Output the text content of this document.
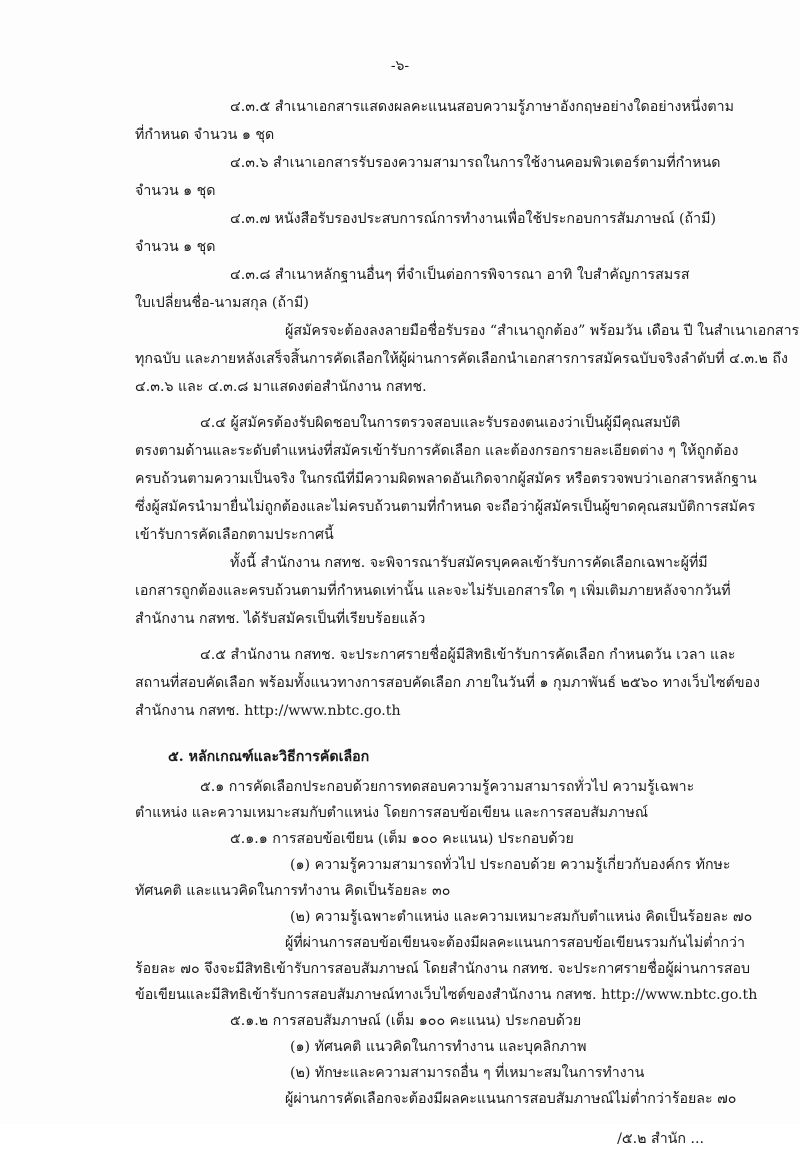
-๖-
๔.๓.๕ สำเนาเอกสารแสดงผลคะแนนสอบความรู้ภาษาอังกฤษอย่างใดอย่างหนึ่งตาม
ที่กำหนด จำนวน ๑ ชุด
๔.๓.๖ สำเนาเอกสารรับรองความสามารถในการใช้งานคอมพิวเตอร์ตามที่กำหนด
จำนวน ๑ ชุด
๔.๓.๗ หนังสือรับรองประสบการณ์การทำงานเพื่อใช้ประกอบการสัมภาษณ์ (ถ้ามี)
จำนวน ๑ ชุด
๔.๓.๘ สำเนาหลักฐานอื่นๆ ที่จำเป็นต่อการพิจารณา อาทิ ใบสำคัญการสมรส
ใบเปลี่ยนชื่อ-นามสกุล (ถ้ามี)
ผู้สมัครจะต้องลงลายมือชื่อรับรอง “สำเนาถูกต้อง” พร้อมวัน เดือน ปี ในสำเนาเอกสาร
ทุกฉบับ และภายหลังเสร็จสิ้นการคัดเลือกให้ผู้ผ่านการคัดเลือกนำเอกสารการสมัครฉบับจริงลำดับที่ ๔.๓.๒ ถึง
๔.๓.๖ และ ๔.๓.๘ มาแสดงต่อสำนักงาน กสทช.
๔.๔ ผู้สมัครต้องรับผิดชอบในการตรวจสอบและรับรองตนเองว่าเป็นผู้มีคุณสมบัติ
ตรงตามด้านและระดับตำแหน่งที่สมัครเข้ารับการคัดเลือก และต้องกรอกรายละเอียดต่าง ๆ ให้ถูกต้อง
ครบถ้วนตามความเป็นจริง ในกรณีที่มีความผิดพลาดอันเกิดจากผู้สมัคร หรือตรวจพบว่าเอกสารหลักฐาน
ซึ่งผู้สมัครนำมายื่นไม่ถูกต้องและไม่ครบถ้วนตามที่กำหนด จะถือว่าผู้สมัครเป็นผู้ขาดคุณสมบัติการสมัคร
เข้ารับการคัดเลือกตามประกาศนี้
ทั้งนี้ สำนักงาน กสทช. จะพิจารณารับสมัครบุคคลเข้ารับการคัดเลือกเฉพาะผู้ที่มี
เอกสารถูกต้องและครบถ้วนตามที่กำหนดเท่านั้น และจะไม่รับเอกสารใด ๆ เพิ่มเติมภายหลังจากวันที่
สำนักงาน กสทช. ได้รับสมัครเป็นที่เรียบร้อยแล้ว
๔.๕ สำนักงาน กสทช. จะประกาศรายชื่อผู้มีสิทธิเข้ารับการคัดเลือก กำหนดวัน เวลา และ
สถานที่สอบคัดเลือก พร้อมทั้งแนวทางการสอบคัดเลือก ภายในวันที่ ๑ กุมภาพันธ์ ๒๕๖๐ ทางเว็บไซต์ของ
สำนักงาน กสทช. http://www.nbtc.go.th
๕. หลักเกณฑ์และวิธีการคัดเลือก
๕.๑ การคัดเลือกประกอบด้วยการทดสอบความรู้ความสามารถทั่วไป ความรู้เฉพาะ
ตำแหน่ง และความเหมาะสมกับตำแหน่ง โดยการสอบข้อเขียน และการสอบสัมภาษณ์
๕.๑.๑ การสอบข้อเขียน (เต็ม ๑๐๐ คะแนน) ประกอบด้วย
(๑) ความรู้ความสามารถทั่วไป ประกอบด้วย ความรู้เกี่ยวกับองค์กร ทักษะ
ทัศนคติ และแนวคิดในการทำงาน คิดเป็นร้อยละ ๓๐
(๒) ความรู้เฉพาะตำแหน่ง และความเหมาะสมกับตำแหน่ง คิดเป็นร้อยละ ๗๐
ผู้ที่ผ่านการสอบข้อเขียนจะต้องมีผลคะแนนการสอบข้อเขียนรวมกันไม่ต่ำกว่า
ร้อยละ ๗๐ จึงจะมีสิทธิเข้ารับการสอบสัมภาษณ์ โดยสำนักงาน กสทช. จะประกาศรายชื่อผู้ผ่านการสอบ
ข้อเขียนและมีสิทธิเข้ารับการสอบสัมภาษณ์ทางเว็บไซต์ของสำนักงาน กสทช. http://www.nbtc.go.th
๕.๑.๒ การสอบสัมภาษณ์ (เต็ม ๑๐๐ คะแนน) ประกอบด้วย
(๑) ทัศนคติ แนวคิดในการทำงาน และบุคลิกภาพ
(๒) ทักษะและความสามารถอื่น ๆ ที่เหมาะสมในการทำงาน
ผู้ผ่านการคัดเลือกจะต้องมีผลคะแนนการสอบสัมภาษณ์ไม่ต่ำกว่าร้อยละ ๗๐
/๕.๒ สำนัก ...
